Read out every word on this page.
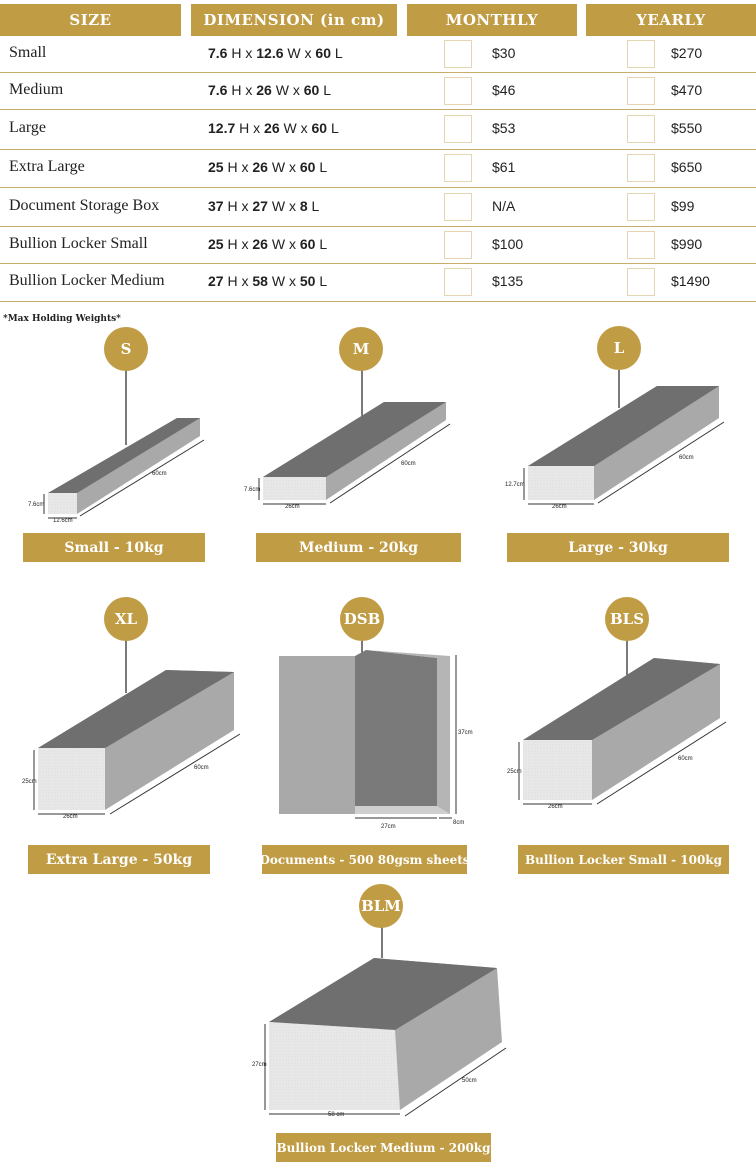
SIZE	DIMENSION (in cm)	MONTHLY	YEARLY
Small	7.6 H x 12.6 W x 60 L	$30	$270
Medium	7.6 H x 26 W x 60 L	$46	$470
Large	12.7 H x 26 W x 60 L	$53	$550
Extra Large	25 H x 26 W x 60 L	$61	$650
Document Storage Box	37 H x 27 W x 8 L	N/A	$99
Bullion Locker Small	25 H x 26 W x 60 L	$100	$990
Bullion Locker Medium	27 H x 58 W x 50 L	$135	$1490
*Max Holding Weights*
7.6cm
12.6cm
60cm
7.6cm
26cm
60cm
12.7cm
26cm
60cm
25cm
26cm
60cm
37cm
27cm
8cm
25cm
26cm
60cm
27cm
58 cm
50cm
S	M	L
XL	DSB	BLS
BLM
Small - 10kg	Medium - 20kg	Large - 30kg
Extra Large - 50kg	Documents - 500 80gsm sheets	Bullion Locker Small - 100kg
Bullion Locker Medium - 200kg
